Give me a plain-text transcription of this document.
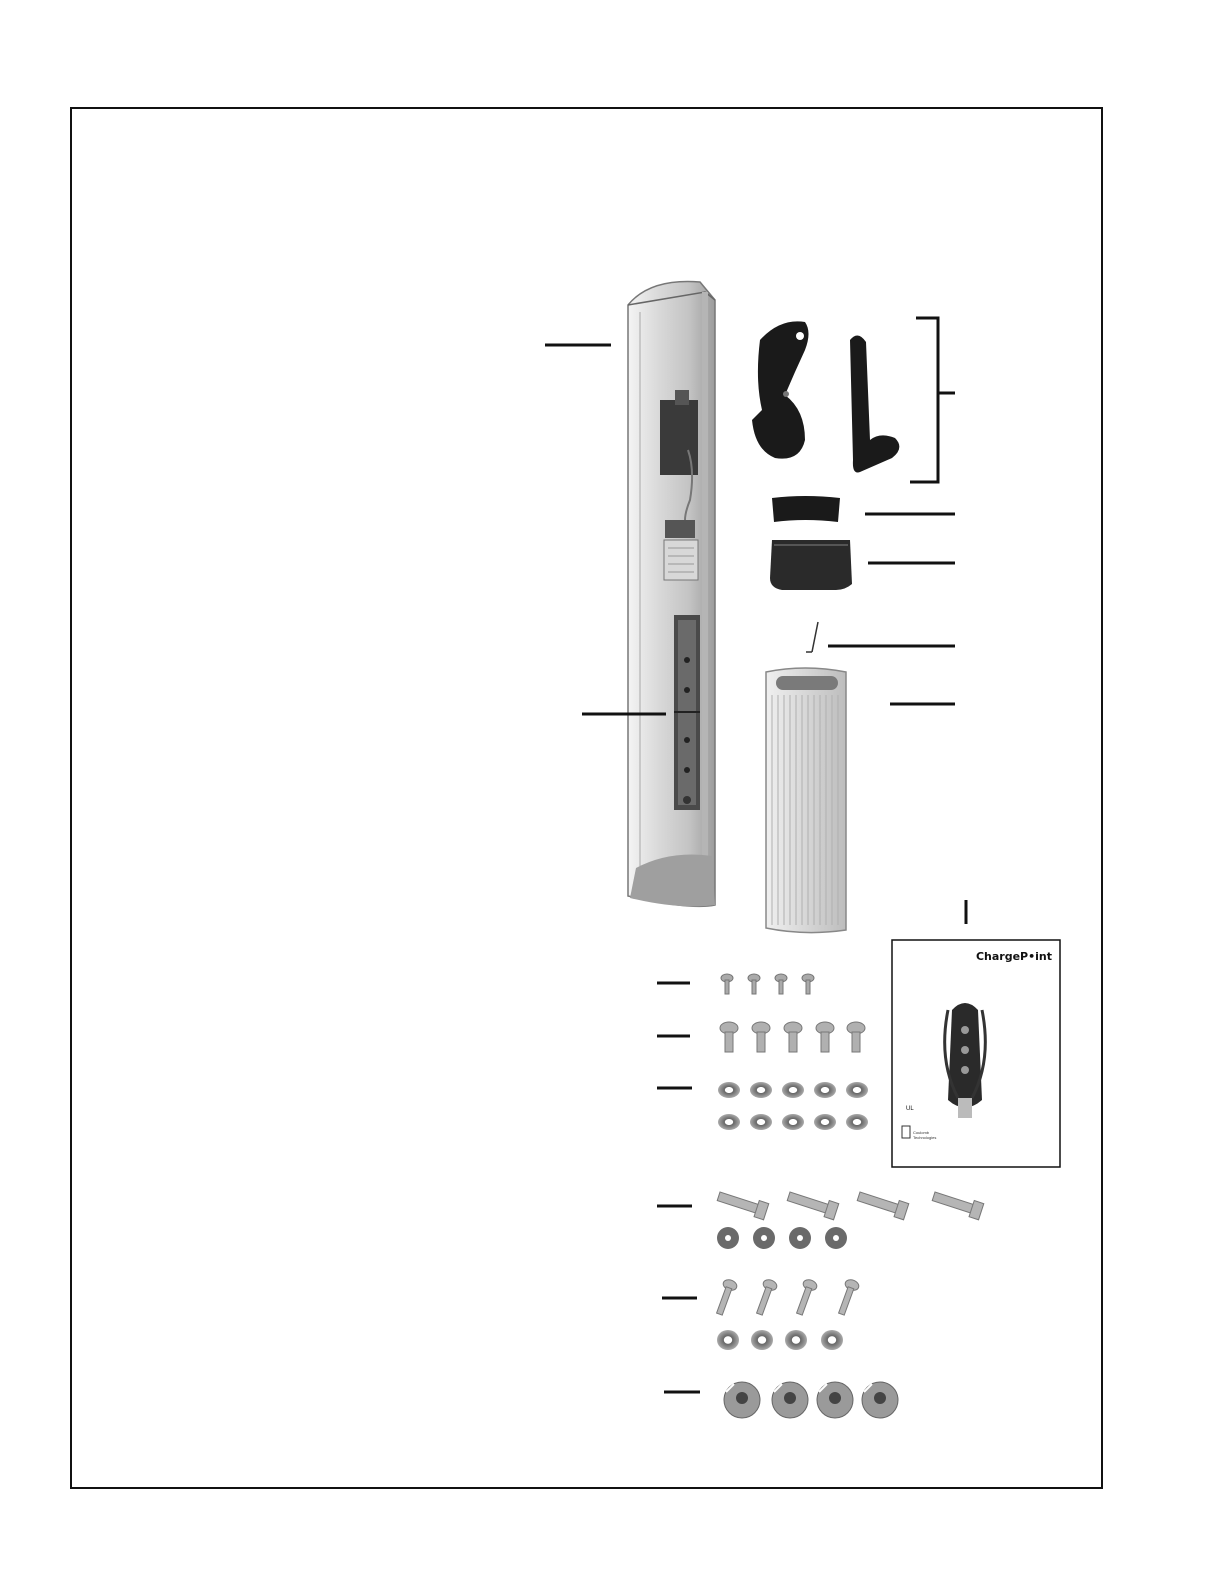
ChargeP•int
UL
Coulomb Technologies
